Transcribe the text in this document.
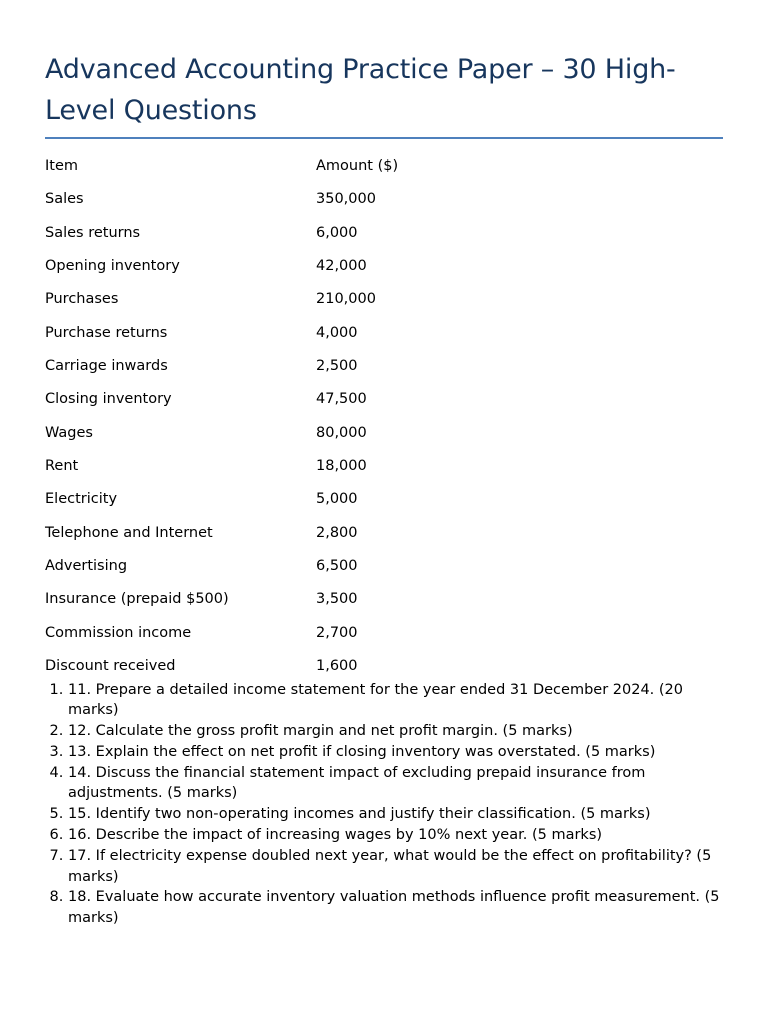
Advanced Accounting Practice Paper – 30 High-Level Questions
Item	Amount ($)
Sales	350,000
Sales returns	6,000
Opening inventory	42,000
Purchases	210,000
Purchase returns	4,000
Carriage inwards	2,500
Closing inventory	47,500
Wages	80,000
Rent	18,000
Electricity	5,000
Telephone and Internet	2,800
Advertising	6,500
Insurance (prepaid $500)	3,500
Commission income	2,700
Discount received	1,600
1. 11. Prepare a detailed income statement for the year ended 31 December 2024. (20 marks)
2. 12. Calculate the gross profit margin and net profit margin. (5 marks)
3. 13. Explain the effect on net profit if closing inventory was overstated. (5 marks)
4. 14. Discuss the financial statement impact of excluding prepaid insurance from adjustments. (5 marks)
5. 15. Identify two non-operating incomes and justify their classification. (5 marks)
6. 16. Describe the impact of increasing wages by 10% next year. (5 marks)
7. 17. If electricity expense doubled next year, what would be the effect on profitability? (5 marks)
8. 18. Evaluate how accurate inventory valuation methods influence profit measurement. (5 marks)
